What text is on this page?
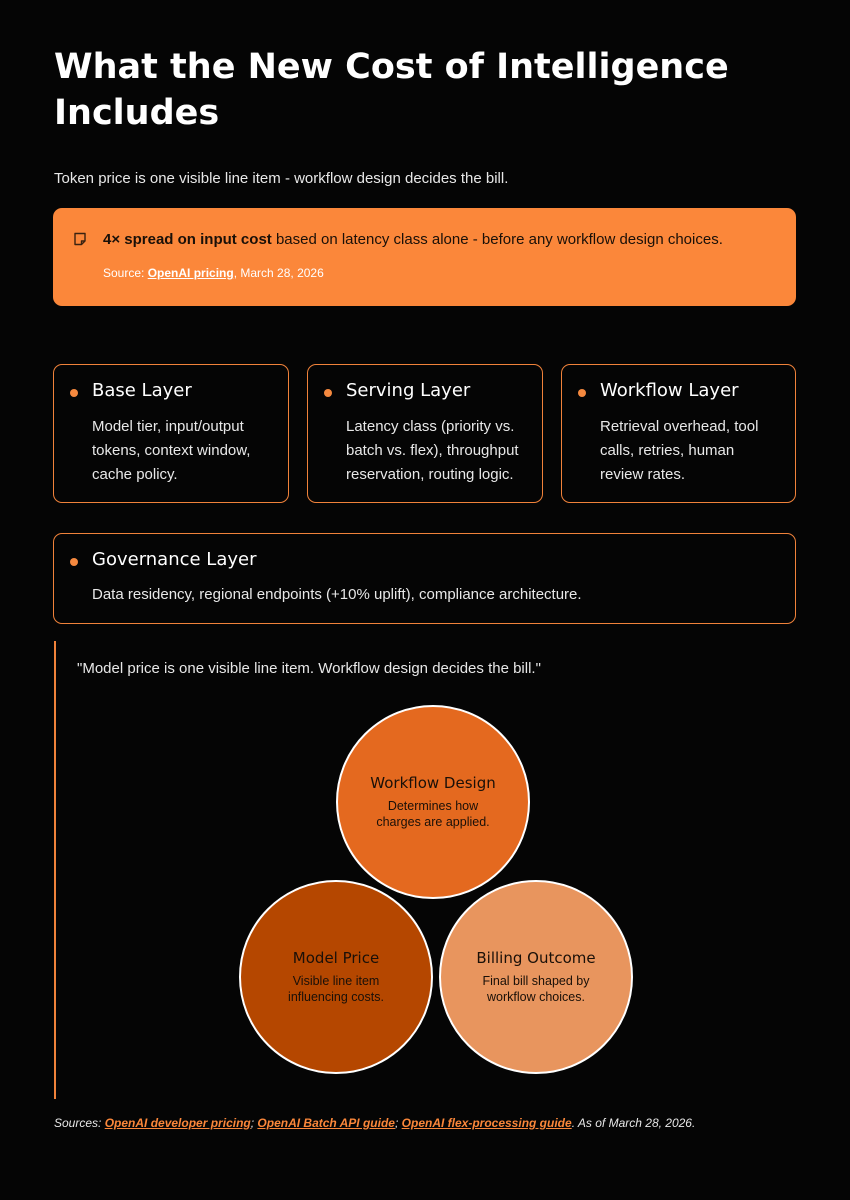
What the New Cost of Intelligence Includes
Token price is one visible line item - workflow design decides the bill.
4× spread on input cost based on latency class alone - before any workflow design choices.
Source: OpenAI pricing, March 28, 2026
Base Layer
Model tier, input/output tokens, context window, cache policy.
Serving Layer
Latency class (priority vs. batch vs. flex), throughput reservation, routing logic.
Workflow Layer
Retrieval overhead, tool calls, retries, human review rates.
Governance Layer
Data residency, regional endpoints (+10% uplift), compliance architecture.
"Model price is one visible line item. Workflow design decides the bill."
Workflow Design
Determines how charges are applied.
Model Price
Visible line item influencing costs.
Billing Outcome
Final bill shaped by workflow choices.
Sources: OpenAI developer pricing; OpenAI Batch API guide; OpenAI flex-processing guide. As of March 28, 2026.
